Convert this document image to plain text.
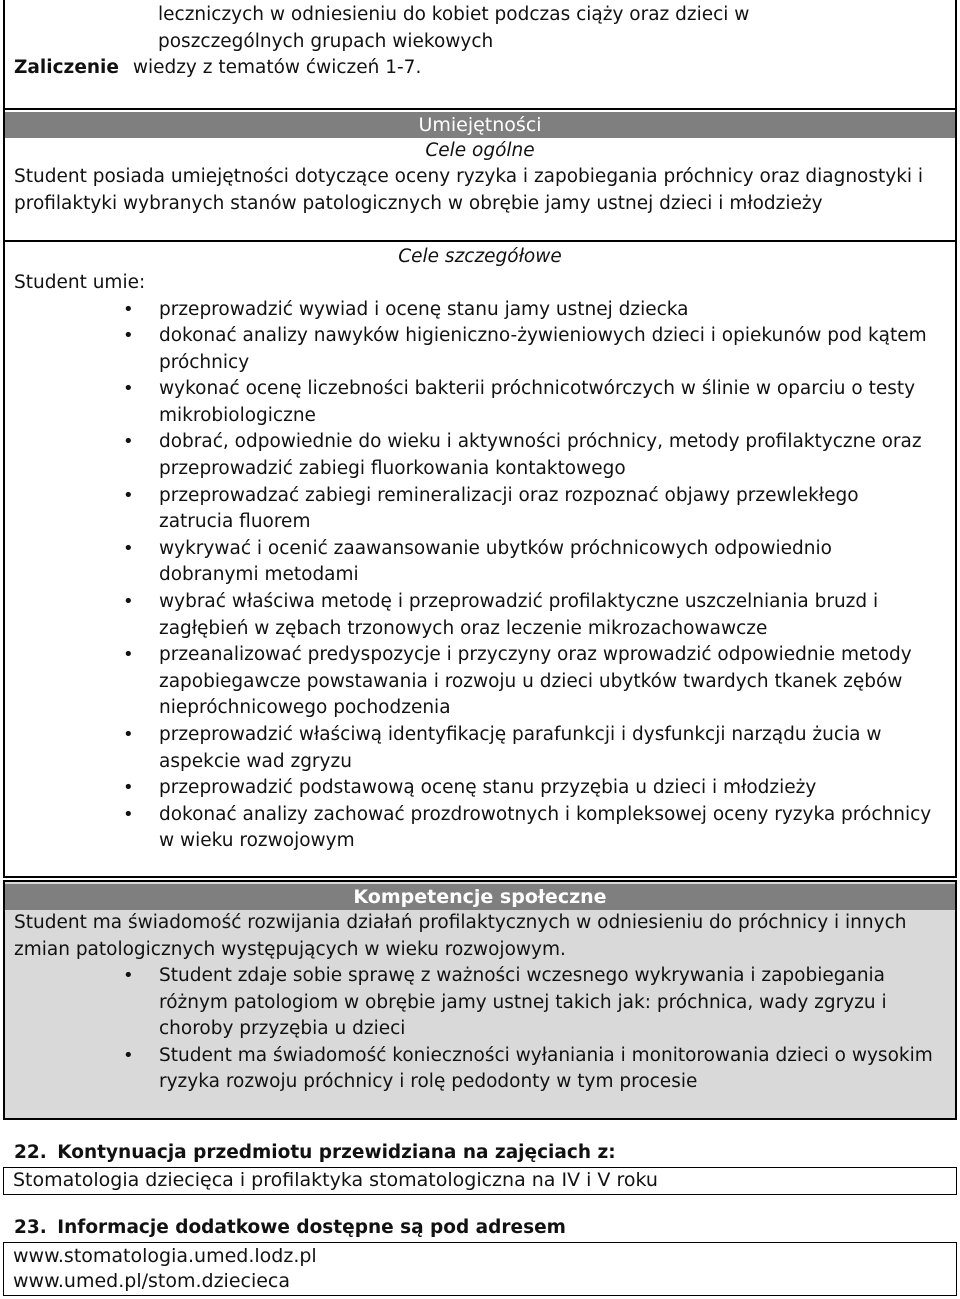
leczniczych w odniesieniu do kobiet podczas ciąży oraz dzieci w poszczególnych grupach wiekowych

Zaliczenie wiedzy z tematów ćwiczeń 1-7.

Umiejętności
Cele ogólne

Student posiada umiejętności dotyczące oceny ryzyka i zapobiegania próchnicy oraz diagnostyki i profilaktyki wybranych stanów patologicznych w obrębie jamy ustnej dzieci i młodzieży

Cele szczegółowe

Student umie:

• przeprowadzić wywiad i ocenę stanu jamy ustnej dziecka
• dokonać analizy nawyków higieniczno-żywieniowych dzieci i opiekunów pod kątem próchnicy
• wykonać ocenę liczebności bakterii próchnicotwórczych w ślinie w oparciu o testy mikrobiologiczne
• dobrać, odpowiednie do wieku i aktywności próchnicy, metody profilaktyczne oraz przeprowadzić zabiegi fluorkowania kontaktowego
• przeprowadzać zabiegi remineralizacji oraz rozpoznać objawy przewlekłego zatrucia fluorem
• wykrywać i ocenić zaawansowanie ubytków próchnicowych odpowiednio dobranymi metodami
• wybrać właściwa metodę i przeprowadzić profilaktyczne uszczelniania bruzd i zagłębień w zębach trzonowych oraz leczenie mikrozachowawcze
• przeanalizować predyspozycje i przyczyny oraz wprowadzić odpowiednie metody zapobiegawcze powstawania i rozwoju u dzieci ubytków twardych tkanek zębów niepróchnicowego pochodzenia
• przeprowadzić właściwą identyfikację parafunkcji i dysfunkcji narządu żucia w aspekcie wad zgryzu
• przeprowadzić podstawową ocenę stanu przyzębia u dzieci i młodzieży
• dokonać analizy zachować prozdrowotnych i kompleksowej oceny ryzyka próchnicy w wieku rozwojowym
Kompetencje społeczne

Student ma świadomość rozwijania działań profilaktycznych w odniesieniu do próchnicy i innych zmian patologicznych występujących w wieku rozwojowym.

• Student zdaje sobie sprawę z ważności wczesnego wykrywania i zapobiegania różnym patologiom w obrębie jamy ustnej takich jak: próchnica, wady zgryzu i choroby przyzębia u dzieci
• Student ma świadomość konieczności wyłaniania i monitorowania dzieci o wysokim ryzyka rozwoju próchnicy i rolę pedodonty w tym procesie
22. Kontynuacja przedmiotu przewidziana na zajęciach z:
Stomatologia dziecięca i profilaktyka stomatologiczna na IV i V roku
23. Informacje dodatkowe dostępne są pod adresem
www.stomatologia.umed.lodz.pl
www.umed.pl/stom.dziecieca
